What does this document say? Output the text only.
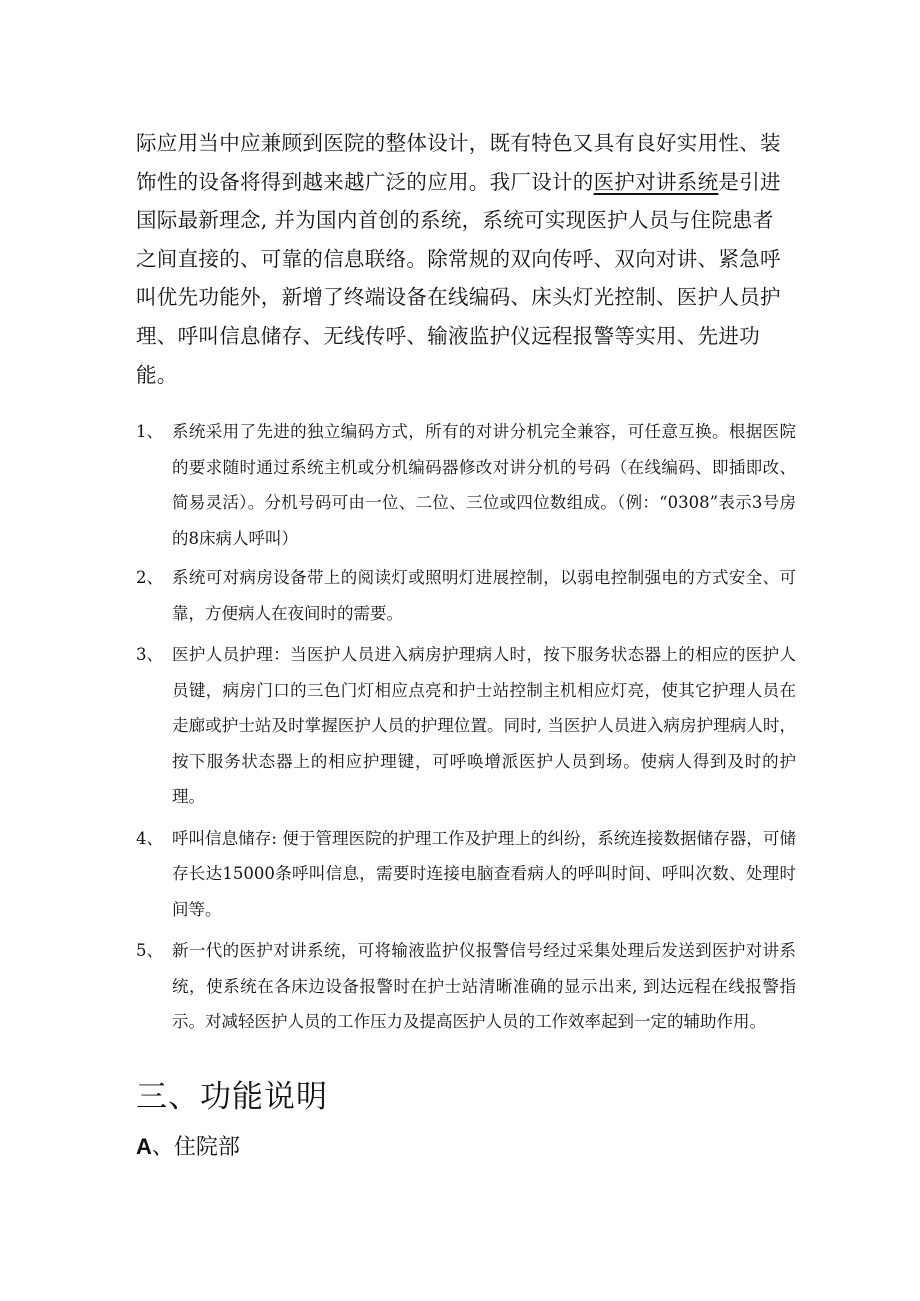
际应用当中应兼顾到医院的整体设计，既有特色又具有良好实用性、装饰性的设备将得到越来越广泛的应用。我厂设计的医护对讲系统是引进国际最新理念, 并为国内首创的系统，系统可实现医护人员与住院患者之间直接的、可靠的信息联络。除常规的双向传呼、双向对讲、紧急呼叫优先功能外，新增了终端设备在线编码、床头灯光控制、医护人员护理、呼叫信息储存、无线传呼、输液监护仪远程报警等实用、先进功能。

1、 系统采用了先进的独立编码方式，所有的对讲分机完全兼容，可任意互换。根据医院的要求随时通过系统主机或分机编码器修改对讲分机的号码（在线编码、即插即改、简易灵活）。分机号码可由一位、二位、三位或四位数组成。（例：“0308”表示3号房的8床病人呼叫）
2、 系统可对病房设备带上的阅读灯或照明灯进展控制，以弱电控制强电的方式安全、可靠，方便病人在夜间时的需要。
3、 医护人员护理：当医护人员进入病房护理病人时，按下服务状态器上的相应的医护人员键，病房门口的三色门灯相应点亮和护士站控制主机相应灯亮，使其它护理人员在走廊或护士站及时掌握医护人员的护理位置。同时, 当医护人员进入病房护理病人时，按下服务状态器上的相应护理键，可呼唤增派医护人员到场。使病人得到及时的护理。
4、 呼叫信息储存: 便于管理医院的护理工作及护理上的纠纷，系统连接数据储存器，可储存长达15000条呼叫信息，需要时连接电脑查看病人的呼叫时间、呼叫次数、处理时间等。
5、 新一代的医护对讲系统，可将输液监护仪报警信号经过采集处理后发送到医护对讲系统，使系统在各床边设备报警时在护士站清晰准确的显示出来, 到达远程在线报警指示。对减轻医护人员的工作压力及提高医护人员的工作效率起到一定的辅助作用。
三、功能说明
A、住院部
